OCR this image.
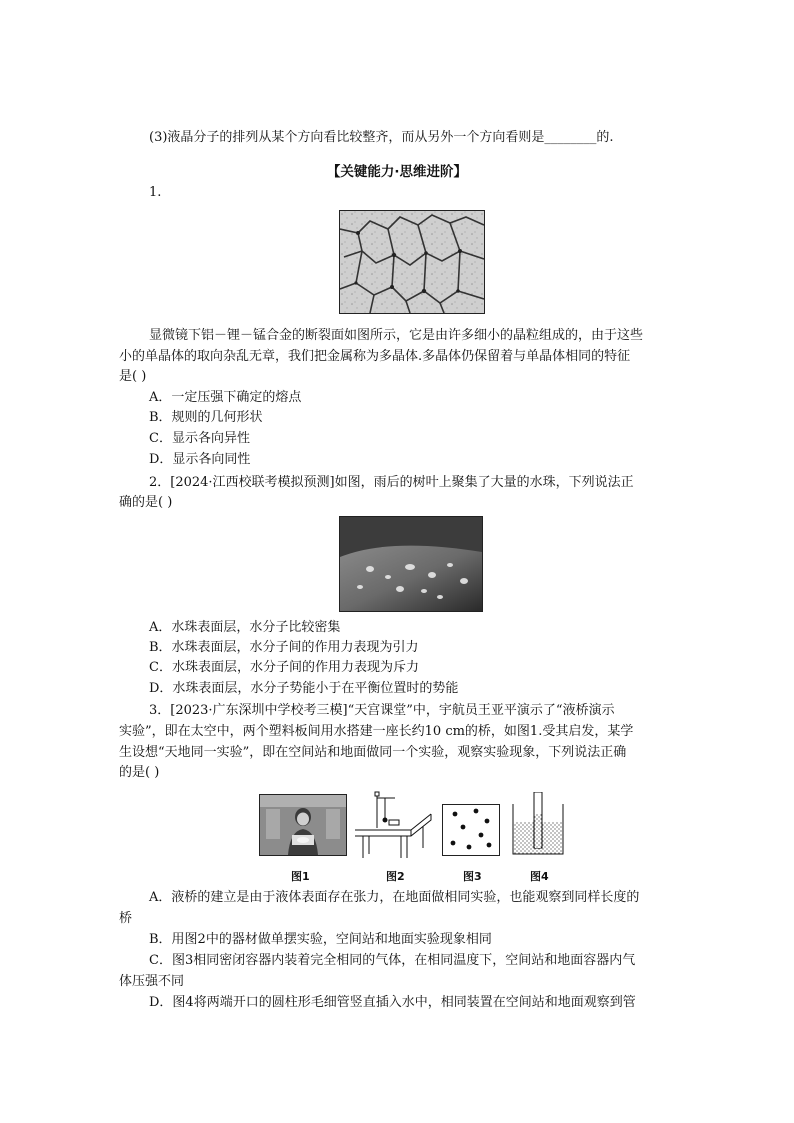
(3)液晶分子的排列从某个方向看比较整齐，而从另外一个方向看则是________的.
【关键能力·思维进阶】
1.
显微镜下铝－锂－锰合金的断裂面如图所示，它是由许多细小的晶粒组成的，由于这些
小的单晶体的取向杂乱无章，我们把金属称为多晶体.多晶体仍保留着与单晶体相同的特征
是( )
A．一定压强下确定的熔点
B．规则的几何形状
C．显示各向异性
D．显示各向同性
2．[2024·江西校联考模拟预测]如图，雨后的树叶上聚集了大量的水珠，下列说法正
确的是( )
A．水珠表面层，水分子比较密集
B．水珠表面层，水分子间的作用力表现为引力
C．水珠表面层，水分子间的作用力表现为斥力
D．水珠表面层，水分子势能小于在平衡位置时的势能
3．[2023·广东深圳中学校考三模]“天宫课堂”中，宇航员王亚平演示了“液桥演示
实验”，即在太空中，两个塑料板间用水搭建一座长约10 cm的桥，如图1.受其启发，某学
生设想“天地同一实验”，即在空间站和地面做同一个实验，观察实验现象，下列说法正确
的是( )
图1	图2	图3	图4
A．液桥的建立是由于液体表面存在张力，在地面做相同实验，也能观察到同样长度的
桥
B．用图2中的器材做单摆实验，空间站和地面实验现象相同
C．图3相同密闭容器内装着完全相同的气体，在相同温度下，空间站和地面容器内气
体压强不同
D．图4将两端开口的圆柱形毛细管竖直插入水中，相同装置在空间站和地面观察到管
